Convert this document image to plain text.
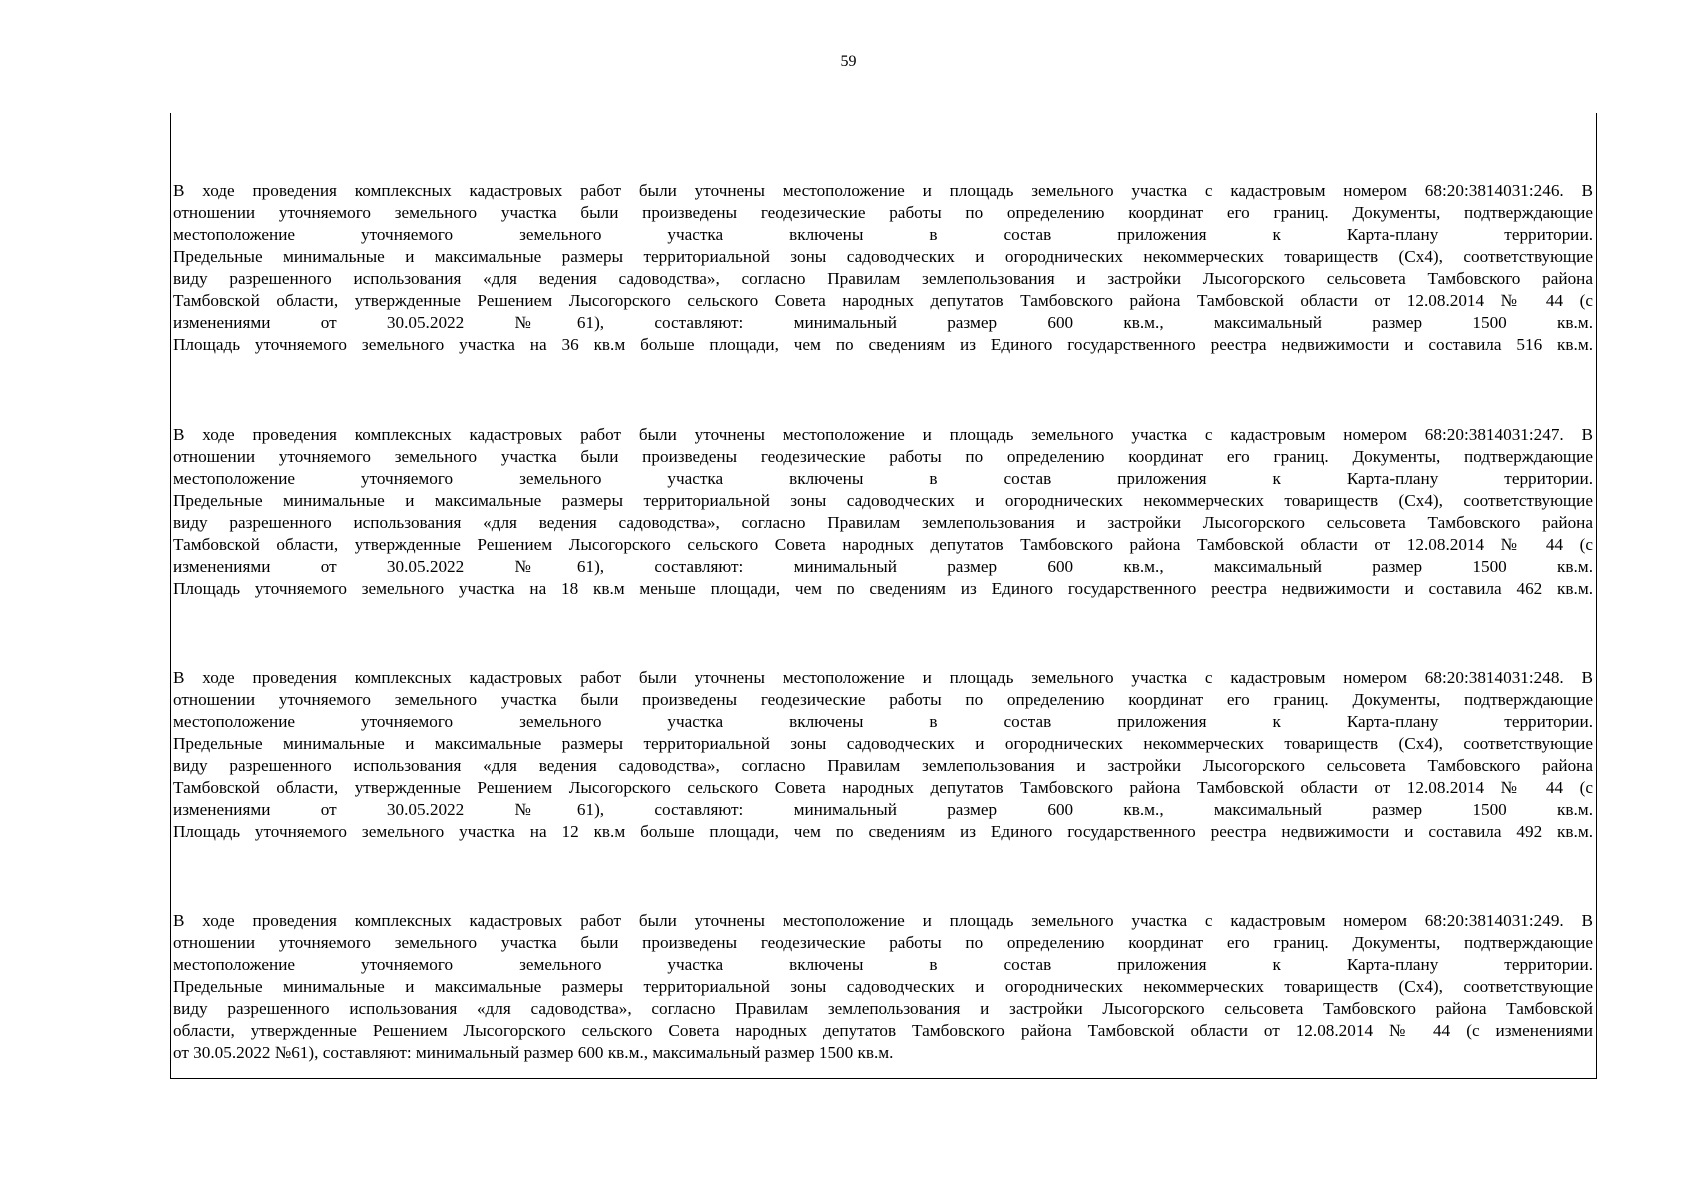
59
В ходе проведения комплексных кадастровых работ были уточнены местоположение и площадь земельного участка с кадастровым номером 68:20:3814031:246. В
отношении уточняемого земельного участка были произведены геодезические работы по определению координат его границ. Документы, подтверждающие
местоположение уточняемого земельного участка включены в состав приложения к Карта-плану территории.
Предельные минимальные и максимальные размеры территориальной зоны садоводческих и огороднических некоммерческих товариществ (Сх4), соответствующие
виду разрешенного использования «для ведения садоводства», согласно Правилам землепользования и застройки Лысогорского сельсовета Тамбовского района
Тамбовской области, утвержденные Решением Лысогорского сельского Совета народных депутатов Тамбовского района Тамбовской области от 12.08.2014 № 44 (с
изменениями от 30.05.2022 №61), составляют: минимальный размер 600 кв.м., максимальный размер 1500 кв.м.
Площадь уточняемого земельного участка на 36 кв.м больше площади, чем по сведениям из Единого государственного реестра недвижимости и составила 516 кв.м.
В ходе проведения комплексных кадастровых работ были уточнены местоположение и площадь земельного участка с кадастровым номером 68:20:3814031:247. В
отношении уточняемого земельного участка были произведены геодезические работы по определению координат его границ. Документы, подтверждающие
местоположение уточняемого земельного участка включены в состав приложения к Карта-плану территории.
Предельные минимальные и максимальные размеры территориальной зоны садоводческих и огороднических некоммерческих товариществ (Сх4), соответствующие
виду разрешенного использования «для ведения садоводства», согласно Правилам землепользования и застройки Лысогорского сельсовета Тамбовского района
Тамбовской области, утвержденные Решением Лысогорского сельского Совета народных депутатов Тамбовского района Тамбовской области от 12.08.2014 № 44 (с
изменениями от 30.05.2022 №61), составляют: минимальный размер 600 кв.м., максимальный размер 1500 кв.м.
Площадь уточняемого земельного участка на 18 кв.м меньше площади, чем по сведениям из Единого государственного реестра недвижимости и составила 462 кв.м.
В ходе проведения комплексных кадастровых работ были уточнены местоположение и площадь земельного участка с кадастровым номером 68:20:3814031:248. В
отношении уточняемого земельного участка были произведены геодезические работы по определению координат его границ. Документы, подтверждающие
местоположение уточняемого земельного участка включены в состав приложения к Карта-плану территории.
Предельные минимальные и максимальные размеры территориальной зоны садоводческих и огороднических некоммерческих товариществ (Сх4), соответствующие
виду разрешенного использования «для ведения садоводства», согласно Правилам землепользования и застройки Лысогорского сельсовета Тамбовского района
Тамбовской области, утвержденные Решением Лысогорского сельского Совета народных депутатов Тамбовского района Тамбовской области от 12.08.2014 № 44 (с
изменениями от 30.05.2022 №61), составляют: минимальный размер 600 кв.м., максимальный размер 1500 кв.м.
Площадь уточняемого земельного участка на 12 кв.м больше площади, чем по сведениям из Единого государственного реестра недвижимости и составила 492 кв.м.
В ходе проведения комплексных кадастровых работ были уточнены местоположение и площадь земельного участка с кадастровым номером 68:20:3814031:249. В
отношении уточняемого земельного участка были произведены геодезические работы по определению координат его границ. Документы, подтверждающие
местоположение уточняемого земельного участка включены в состав приложения к Карта-плану территории.
Предельные минимальные и максимальные размеры территориальной зоны садоводческих и огороднических некоммерческих товариществ (Сх4), соответствующие
виду разрешенного использования «для садоводства», согласно Правилам землепользования и застройки Лысогорского сельсовета Тамбовского района Тамбовской
области, утвержденные Решением Лысогорского сельского Совета народных депутатов Тамбовского района Тамбовской области от 12.08.2014 № 44 (с изменениями
от 30.05.2022 №61), составляют: минимальный размер 600 кв.м., максимальный размер 1500 кв.м.
